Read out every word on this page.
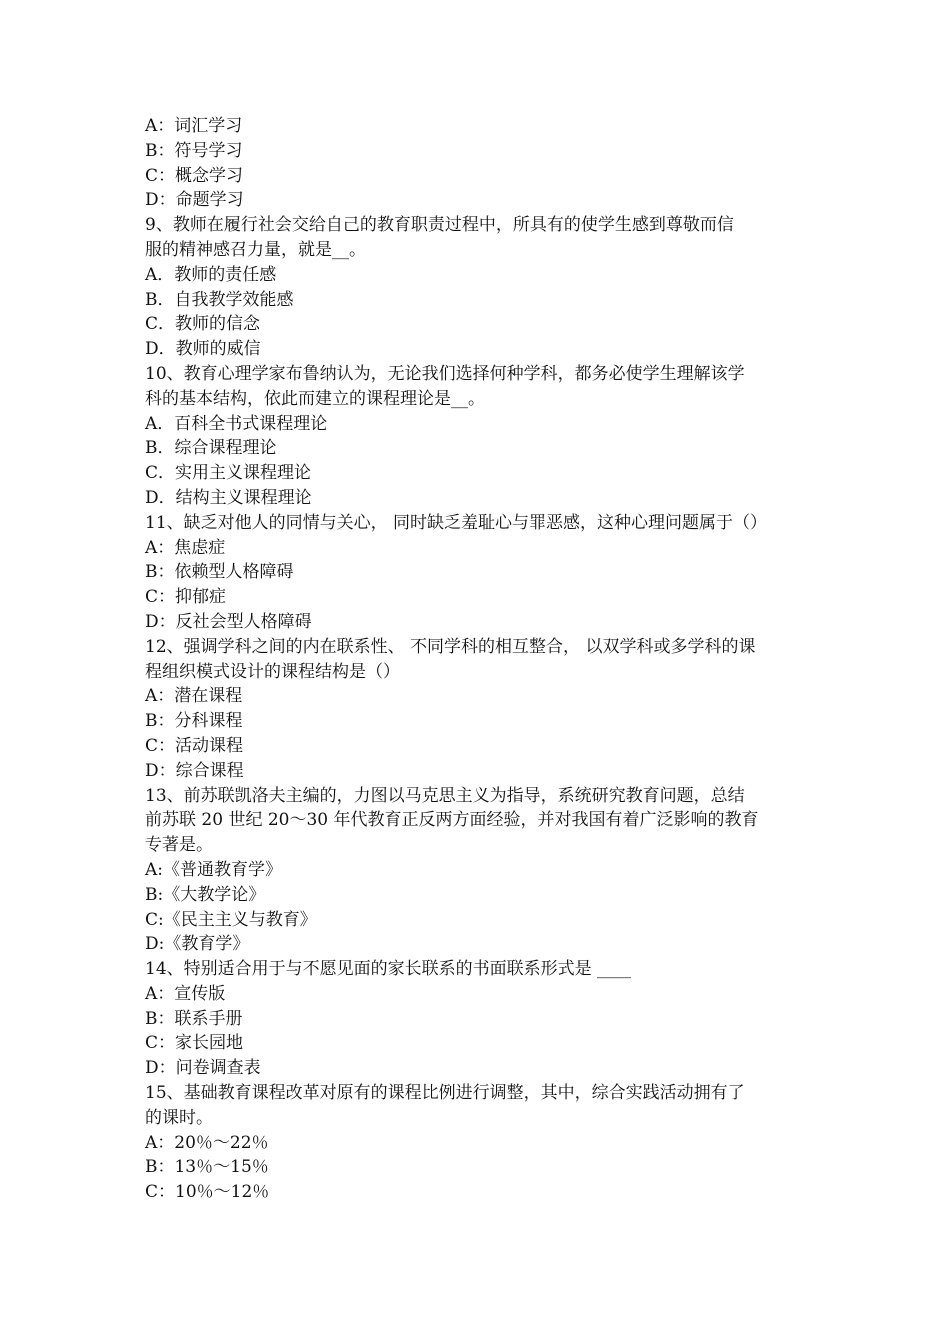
A：词汇学习
B：符号学习
C：概念学习
D：命题学习
9、教师在履行社会交给自己的教育职责过程中，所具有的使学生感到尊敬而信
服的精神感召力量，就是__。
A．教师的责任感
B．自我教学效能感
C．教师的信念
D．教师的威信
10、教育心理学家布鲁纳认为，无论我们选择何种学科，都务必使学生理解该学
科的基本结构，依此而建立的课程理论是__。
A．百科全书式课程理论
B．综合课程理论
C．实用主义课程理论
D．结构主义课程理论
11、缺乏对他人的同情与关心， 同时缺乏羞耻心与罪恶感，这种心理问题属于（）
A：焦虑症
B：依赖型人格障碍
C：抑郁症
D：反社会型人格障碍
12、强调学科之间的内在联系性、 不同学科的相互整合， 以双学科或多学科的课
程组织模式设计的课程结构是（）
A：潜在课程
B：分科课程
C：活动课程
D：综合课程
13、前苏联凯洛夫主编的，力图以马克思主义为指导，系统研究教育问题，总结
前苏联 20 世纪 20～30 年代教育正反两方面经验，并对我国有着广泛影响的教育
专著是。
A:《普通教育学》
B:《大教学论》
C:《民主主义与教育》
D:《教育学》
14、特别适合用于与不愿见面的家长联系的书面联系形式是 ____
A：宣传版
B：联系手册
C：家长园地
D：问卷调查表
15、基础教育课程改革对原有的课程比例进行调整，其中，综合实践活动拥有了
的课时。
A：20％～22％
B：13％～15％
C：10％～12％
